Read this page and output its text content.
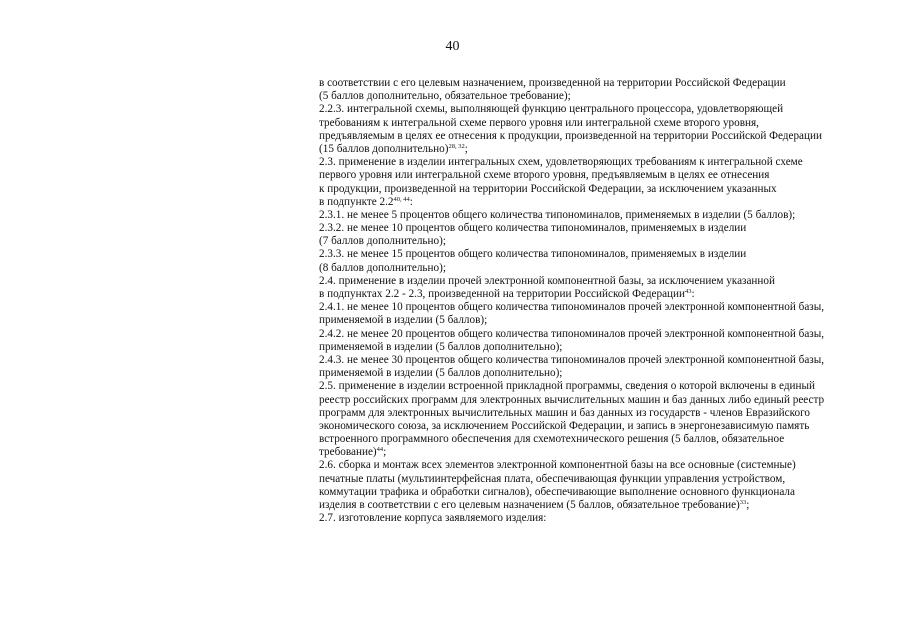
40
в соответствии с его целевым назначением, произведенной на территории Российской Федерации
(5 баллов дополнительно, обязательное требование);
2.2.3. интегральной схемы, выполняющей функцию центрального процессора, удовлетворяющей
требованиям к интегральной схеме первого уровня или интегральной схеме второго уровня,
предъявляемым в целях ее отнесения к продукции, произведенной на территории Российской Федерации
(15 баллов дополнительно)$^{28, 32}$;
2.3. применение в изделии интегральных схем, удовлетворяющих требованиям к интегральной схеме
первого уровня или интегральной схеме второго уровня, предъявляемым в целях ее отнесения
к продукции, произведенной на территории Российской Федерации, за исключением указанных
в подпункте 2.2$^{40, 44}$:
2.3.1. не менее 5 процентов общего количества типономиналов, применяемых в изделии (5 баллов);
2.3.2. не менее 10 процентов общего количества типономиналов, применяемых в изделии
(7 баллов дополнительно);
2.3.3. не менее 15 процентов общего количества типономиналов, применяемых в изделии
(8 баллов дополнительно);
2.4. применение в изделии прочей электронной компонентной базы, за исключением указанной
в подпунктах 2.2 - 2.3, произведенной на территории Российской Федерации$^{43}$:
2.4.1. не менее 10 процентов общего количества типономиналов прочей электронной компонентной базы,
применяемой в изделии (5 баллов);
2.4.2. не менее 20 процентов общего количества типономиналов прочей электронной компонентной базы,
применяемой в изделии (5 баллов дополнительно);
2.4.3. не менее 30 процентов общего количества типономиналов прочей электронной компонентной базы,
применяемой в изделии (5 баллов дополнительно);
2.5. применение в изделии встроенной прикладной программы, сведения о которой включены в единый
реестр российских программ для электронных вычислительных машин и баз данных либо единый реестр
программ для электронных вычислительных машин и баз данных из государств - членов Евразийского
экономического союза, за исключением Российской Федерации, и запись в энергонезависимую память
встроенного программного обеспечения для схемотехнического решения (5 баллов, обязательное
требование)$^{44}$;
2.6. сборка и монтаж всех элементов электронной компонентной базы на все основные (системные)
печатные платы (мультиинтерфейсная плата, обеспечивающая функции управления устройством,
коммутации трафика и обработки сигналов), обеспечивающие выполнение основного функционала
изделия в соответствии с его целевым назначением (5 баллов, обязательное требование)$^{33}$;
2.7. изготовление корпуса заявляемого изделия:
